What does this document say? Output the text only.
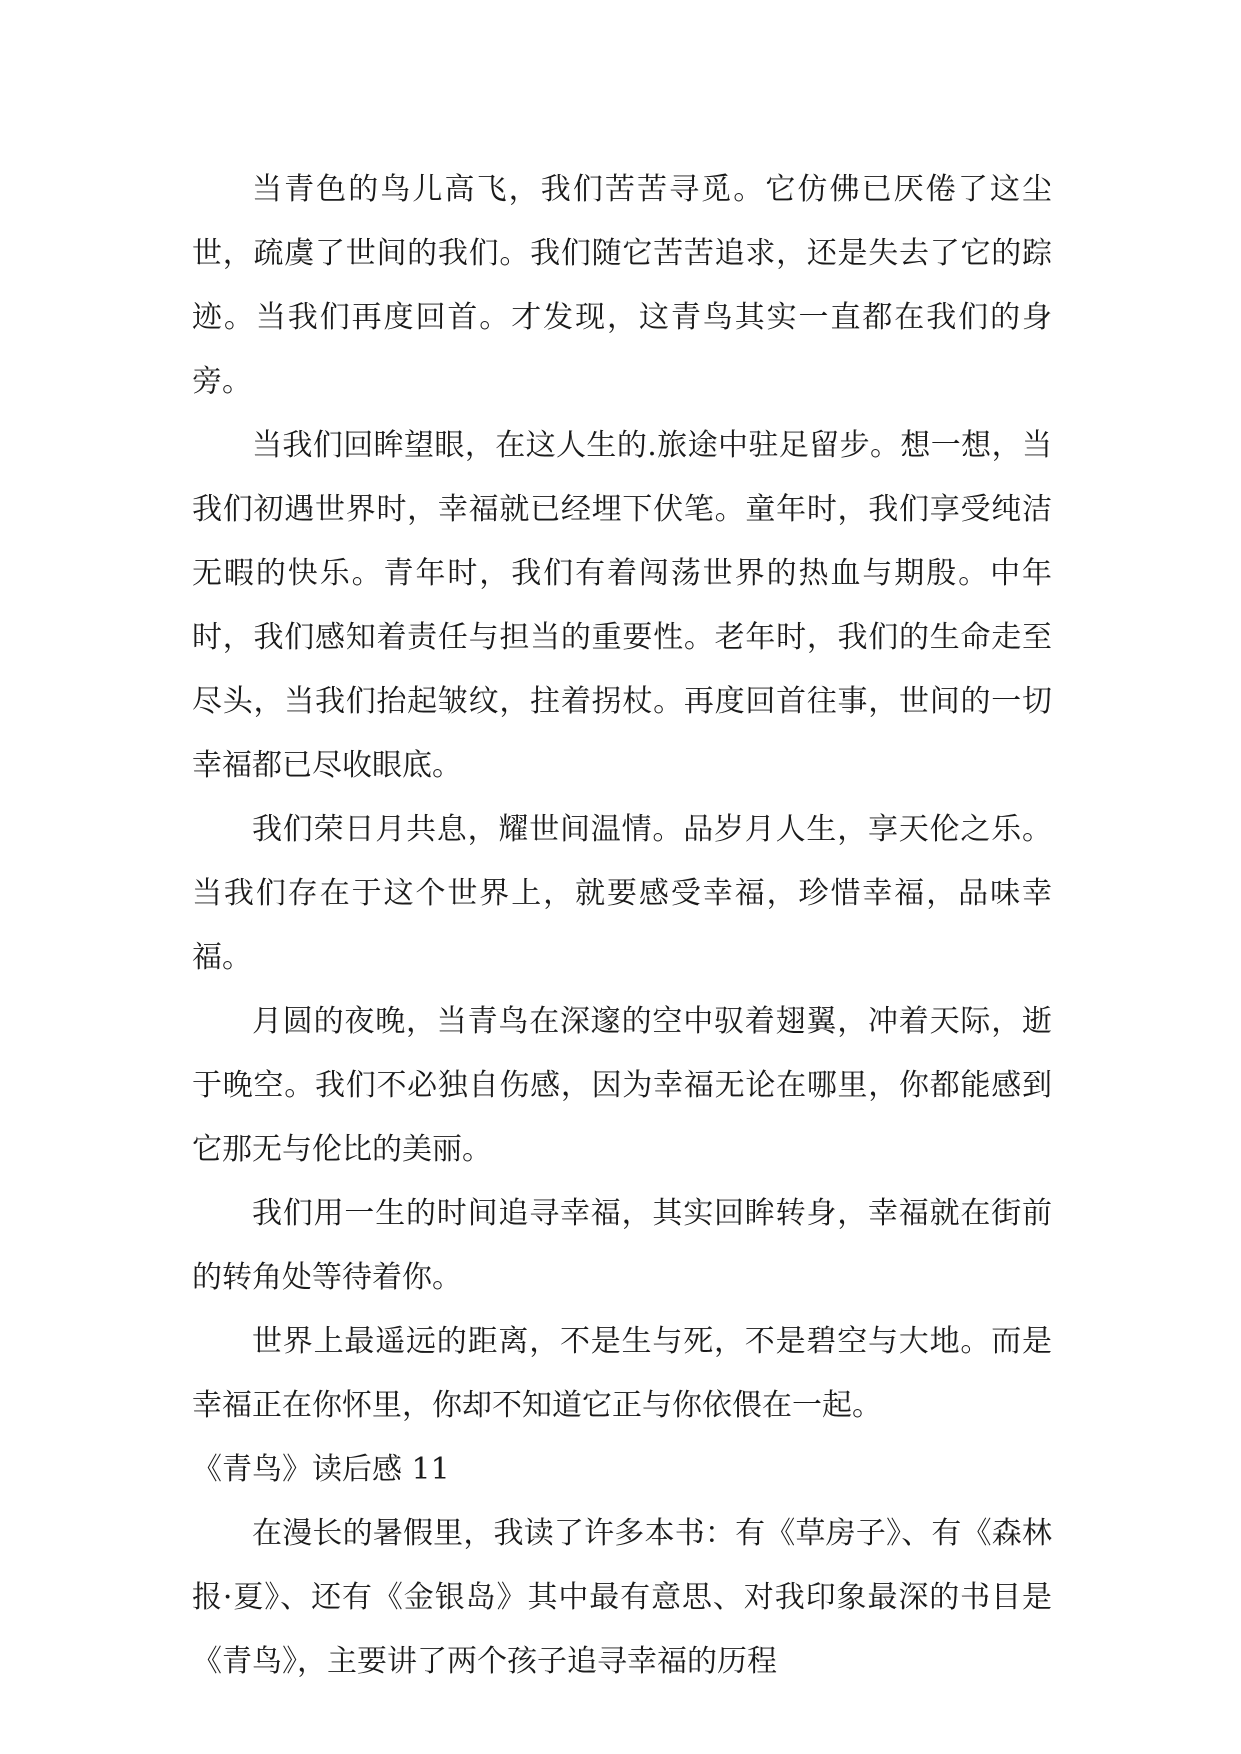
当青色的鸟儿高飞，我们苦苦寻觅。它仿佛已厌倦了这尘世，疏虞了世间的我们。我们随它苦苦追求，还是失去了它的踪迹。当我们再度回首。才发现，这青鸟其实一直都在我们的身旁。

当我们回眸望眼，在这人生的.旅途中驻足留步。想一想，当我们初遇世界时，幸福就已经埋下伏笔。童年时，我们享受纯洁无暇的快乐。青年时，我们有着闯荡世界的热血与期殷。中年时，我们感知着责任与担当的重要性。老年时，我们的生命走至尽头，当我们抬起皱纹，拄着拐杖。再度回首往事，世间的一切幸福都已尽收眼底。

我们荣日月共息，耀世间温情。品岁月人生，享天伦之乐。当我们存在于这个世界上，就要感受幸福，珍惜幸福，品味幸福。

月圆的夜晚，当青鸟在深邃的空中驭着翅翼，冲着天际，逝于晚空。我们不必独自伤感，因为幸福无论在哪里，你都能感到它那无与伦比的美丽。

我们用一生的时间追寻幸福，其实回眸转身，幸福就在街前的转角处等待着你。

世界上最遥远的距离，不是生与死，不是碧空与大地。而是幸福正在你怀里，你却不知道它正与你依偎在一起。

《青鸟》读后感 11

在漫长的暑假里，我读了许多本书：有《草房子》、有《森林报·夏》、还有《金银岛》其中最有意思、对我印象最深的书目是《青鸟》，主要讲了两个孩子追寻幸福的历程
